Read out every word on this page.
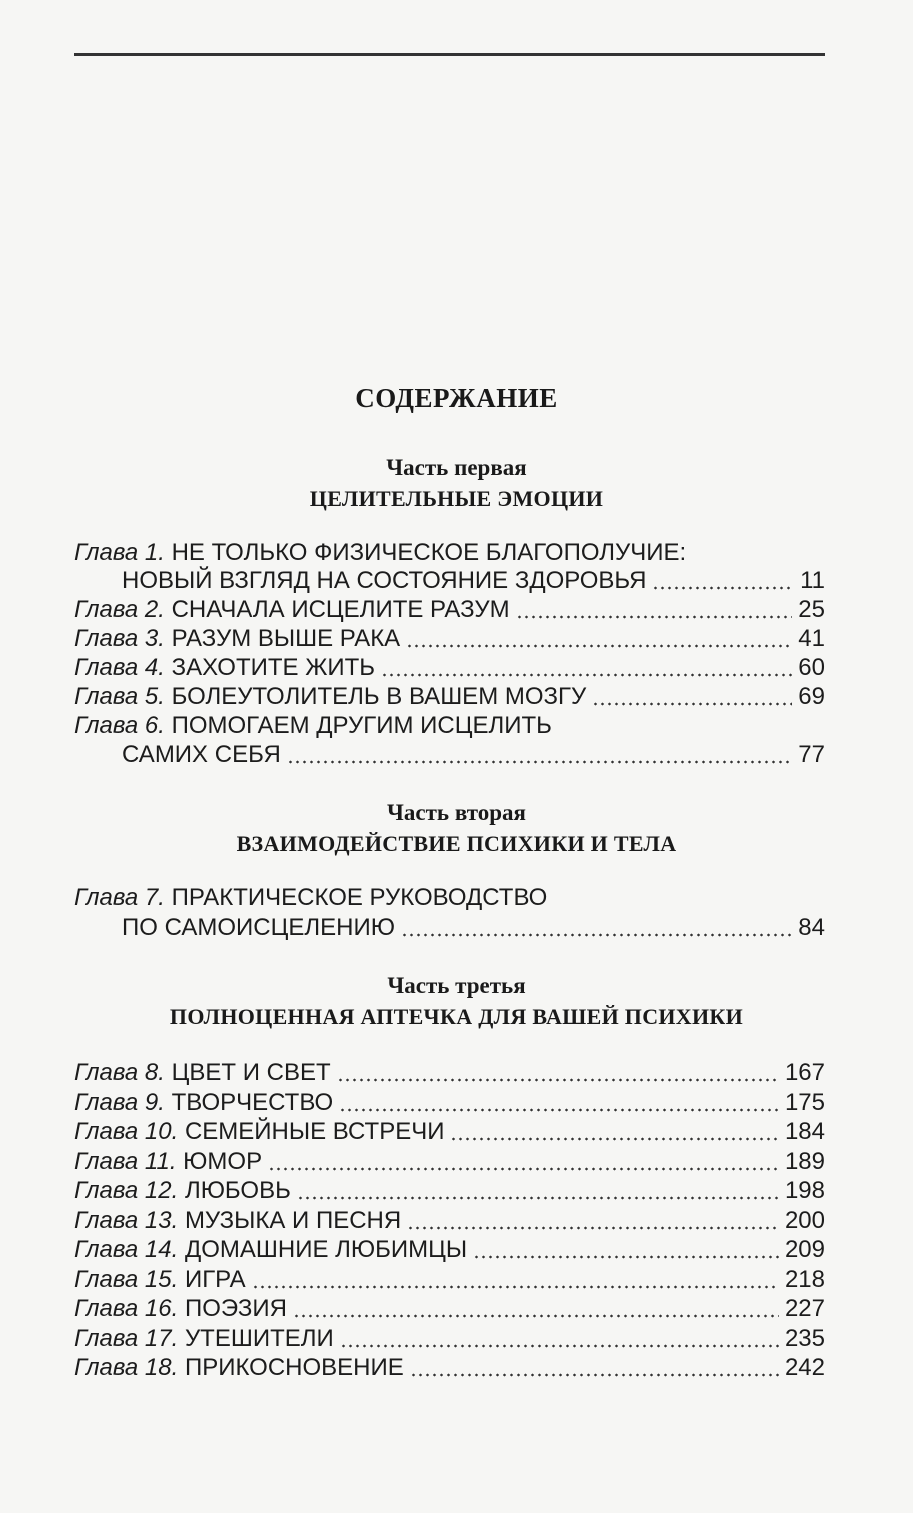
СОДЕРЖАНИЕ
Часть первая
ЦЕЛИТЕЛЬНЫЕ ЭМОЦИИ
Глава 1.
НЕ ТОЛЬКО ФИЗИЧЕСКОЕ БЛАГОПОЛУЧИЕ:
НОВЫЙ ВЗГЛЯД НА СОСТОЯНИЕ ЗДОРОВЬЯ	11
Глава 2.
СНАЧАЛА ИСЦЕЛИТЕ РАЗУМ	25
Глава 3.
РАЗУМ ВЫШЕ РАКА	41
Глава 4.
ЗАХОТИТЕ ЖИТЬ	60
Глава 5.
БОЛЕУТОЛИТЕЛЬ В ВАШЕМ МОЗГУ	69
Глава 6.
ПОМОГАЕМ ДРУГИМ ИСЦЕЛИТЬ
САМИХ СЕБЯ	77
Часть вторая
ВЗАИМОДЕЙСТВИЕ ПСИХИКИ И ТЕЛА
Глава 7.
ПРАКТИЧЕСКОЕ РУКОВОДСТВО
ПО САМОИСЦЕЛЕНИЮ	84
Часть третья
ПОЛНОЦЕННАЯ АПТЕЧКА ДЛЯ ВАШЕЙ ПСИХИКИ
Глава 8.
ЦВЕТ И СВЕТ	167
Глава 9.
ТВОРЧЕСТВО	175
Глава 10.
СЕМЕЙНЫЕ ВСТРЕЧИ	184
Глава 11.
ЮМОР	189
Глава 12.
ЛЮБОВЬ	198
Глава 13.
МУЗЫКА И ПЕСНЯ	200
Глава 14.
ДОМАШНИЕ ЛЮБИМЦЫ	209
Глава 15.
ИГРА	218
Глава 16.
ПОЭЗИЯ	227
Глава 17.
УТЕШИТЕЛИ	235
Глава 18.
ПРИКОСНОВЕНИЕ	242
